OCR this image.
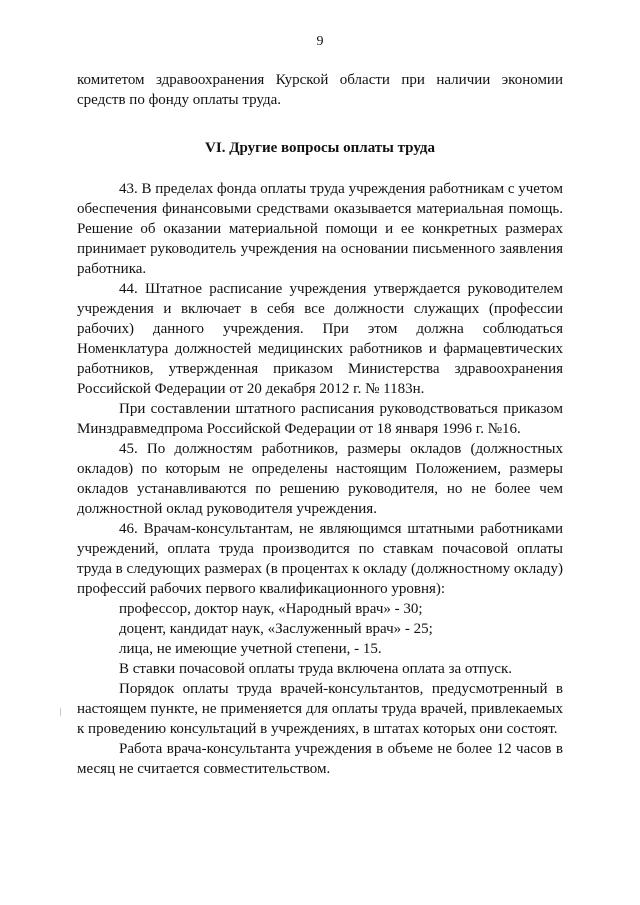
9

комитетом здравоохранения Курской области при наличии экономии средств по фонду оплаты труда.

VI. Другие вопросы оплаты труда

43. В пределах фонда оплаты труда учреждения работникам с учетом обеспечения финансовыми средствами оказывается материальная помощь. Решение об оказании материальной помощи и ее конкретных размерах принимает руководитель учреждения на основании письменного заявления работника.

44. Штатное расписание учреждения утверждается руководителем учреждения и включает в себя все должности служащих (профессии рабочих) данного учреждения. При этом должна соблюдаться Номенклатура должностей медицинских работников и фармацевтических работников, утвержденная приказом Министерства здравоохранения Российской Федерации от 20 декабря 2012 г. № 1183н.

При составлении штатного расписания руководствоваться приказом Минздравмедпрома Российской Федерации от 18 января 1996 г. №16.

45. По должностям работников, размеры окладов (должностных окладов) по которым не определены настоящим Положением, размеры окладов устанавливаются по решению руководителя, но не более чем должностной оклад руководителя учреждения.

46. Врачам-консультантам, не являющимся штатными работниками учреждений, оплата труда производится по ставкам почасовой оплаты труда в следующих размерах (в процентах к окладу (должностному окладу) профессий рабочих первого квалификационного уровня):

профессор, доктор наук, «Народный врач» - 30;

доцент, кандидат наук, «Заслуженный врач» - 25;

лица, не имеющие учетной степени, - 15.

В ставки почасовой оплаты труда включена оплата за отпуск.

Порядок оплаты труда врачей-консультантов, предусмотренный в настоящем пункте, не применяется для оплаты труда врачей, привлекаемых к проведению консультаций в учреждениях, в штатах которых они состоят.

Работа врача-консультанта учреждения в объеме не более 12 часов в месяц не считается совместительством.
